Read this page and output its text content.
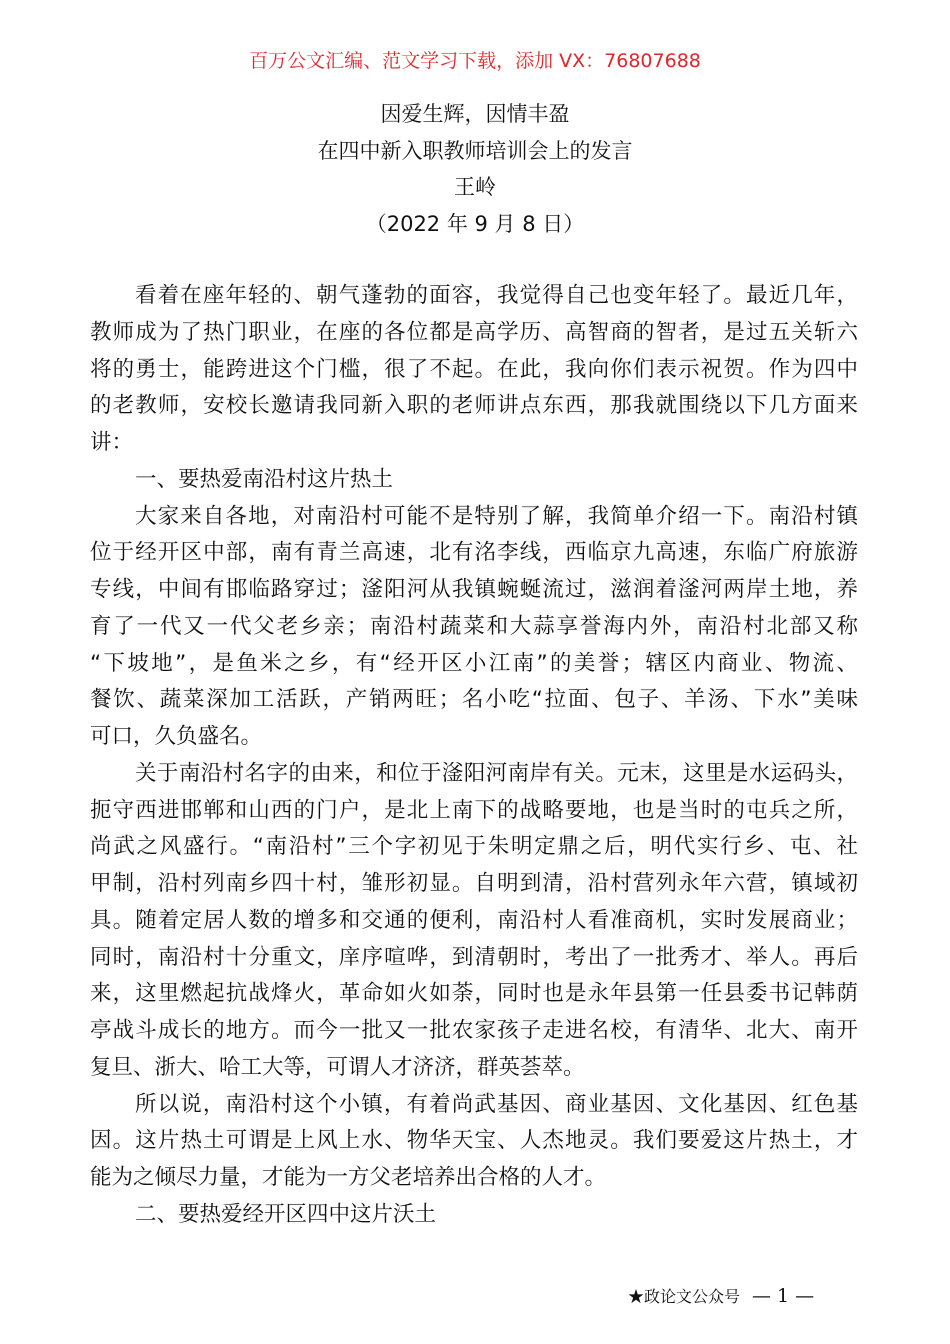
百万公文汇编、范文学习下载，添加 VX：76807688
因爱生辉，因情丰盈
在四中新入职教师培训会上的发言
王岭
（2022 年 9 月 8 日）
看着在座年轻的、朝气蓬勃的面容，我觉得自己也变年轻了。最近几年，
教师成为了热门职业，在座的各位都是高学历、高智商的智者，是过五关斩六
将的勇士，能跨进这个门槛，很了不起。在此，我向你们表示祝贺。作为四中
的老教师，安校长邀请我同新入职的老师讲点东西，那我就围绕以下几方面来
讲：
一、要热爱南沿村这片热土
大家来自各地，对南沿村可能不是特别了解，我简单介绍一下。南沿村镇
位于经开区中部，南有青兰高速，北有洺李线，西临京九高速，东临广府旅游
专线，中间有邯临路穿过；滏阳河从我镇蜿蜒流过，滋润着滏河两岸土地，养
育了一代又一代父老乡亲；南沿村蔬菜和大蒜享誉海内外，南沿村北部又称
“下坡地”，是鱼米之乡，有“经开区小江南”的美誉；辖区内商业、物流、
餐饮、蔬菜深加工活跃，产销两旺；名小吃“拉面、包子、羊汤、下水”美味
可口，久负盛名。
关于南沿村名字的由来，和位于滏阳河南岸有关。元末，这里是水运码头，
扼守西进邯郸和山西的门户，是北上南下的战略要地，也是当时的屯兵之所，
尚武之风盛行。“南沿村”三个字初见于朱明定鼎之后，明代实行乡、屯、社
甲制，沿村列南乡四十村，雏形初显。自明到清，沿村营列永年六营，镇域初
具。随着定居人数的增多和交通的便利，南沿村人看准商机，实时发展商业；
同时，南沿村十分重文，庠序喧哗，到清朝时，考出了一批秀才、举人。再后
来，这里燃起抗战烽火，革命如火如荼，同时也是永年县第一任县委书记韩荫
亭战斗成长的地方。而今一批又一批农家孩子走进名校，有清华、北大、南开
复旦、浙大、哈工大等，可谓人才济济，群英荟萃。
所以说，南沿村这个小镇，有着尚武基因、商业基因、文化基因、红色基
因。这片热土可谓是上风上水、物华天宝、人杰地灵。我们要爱这片热土，才
能为之倾尽力量，才能为一方父老培养出合格的人才。
二、要热爱经开区四中这片沃土
★政论文公众号 — 1 —
